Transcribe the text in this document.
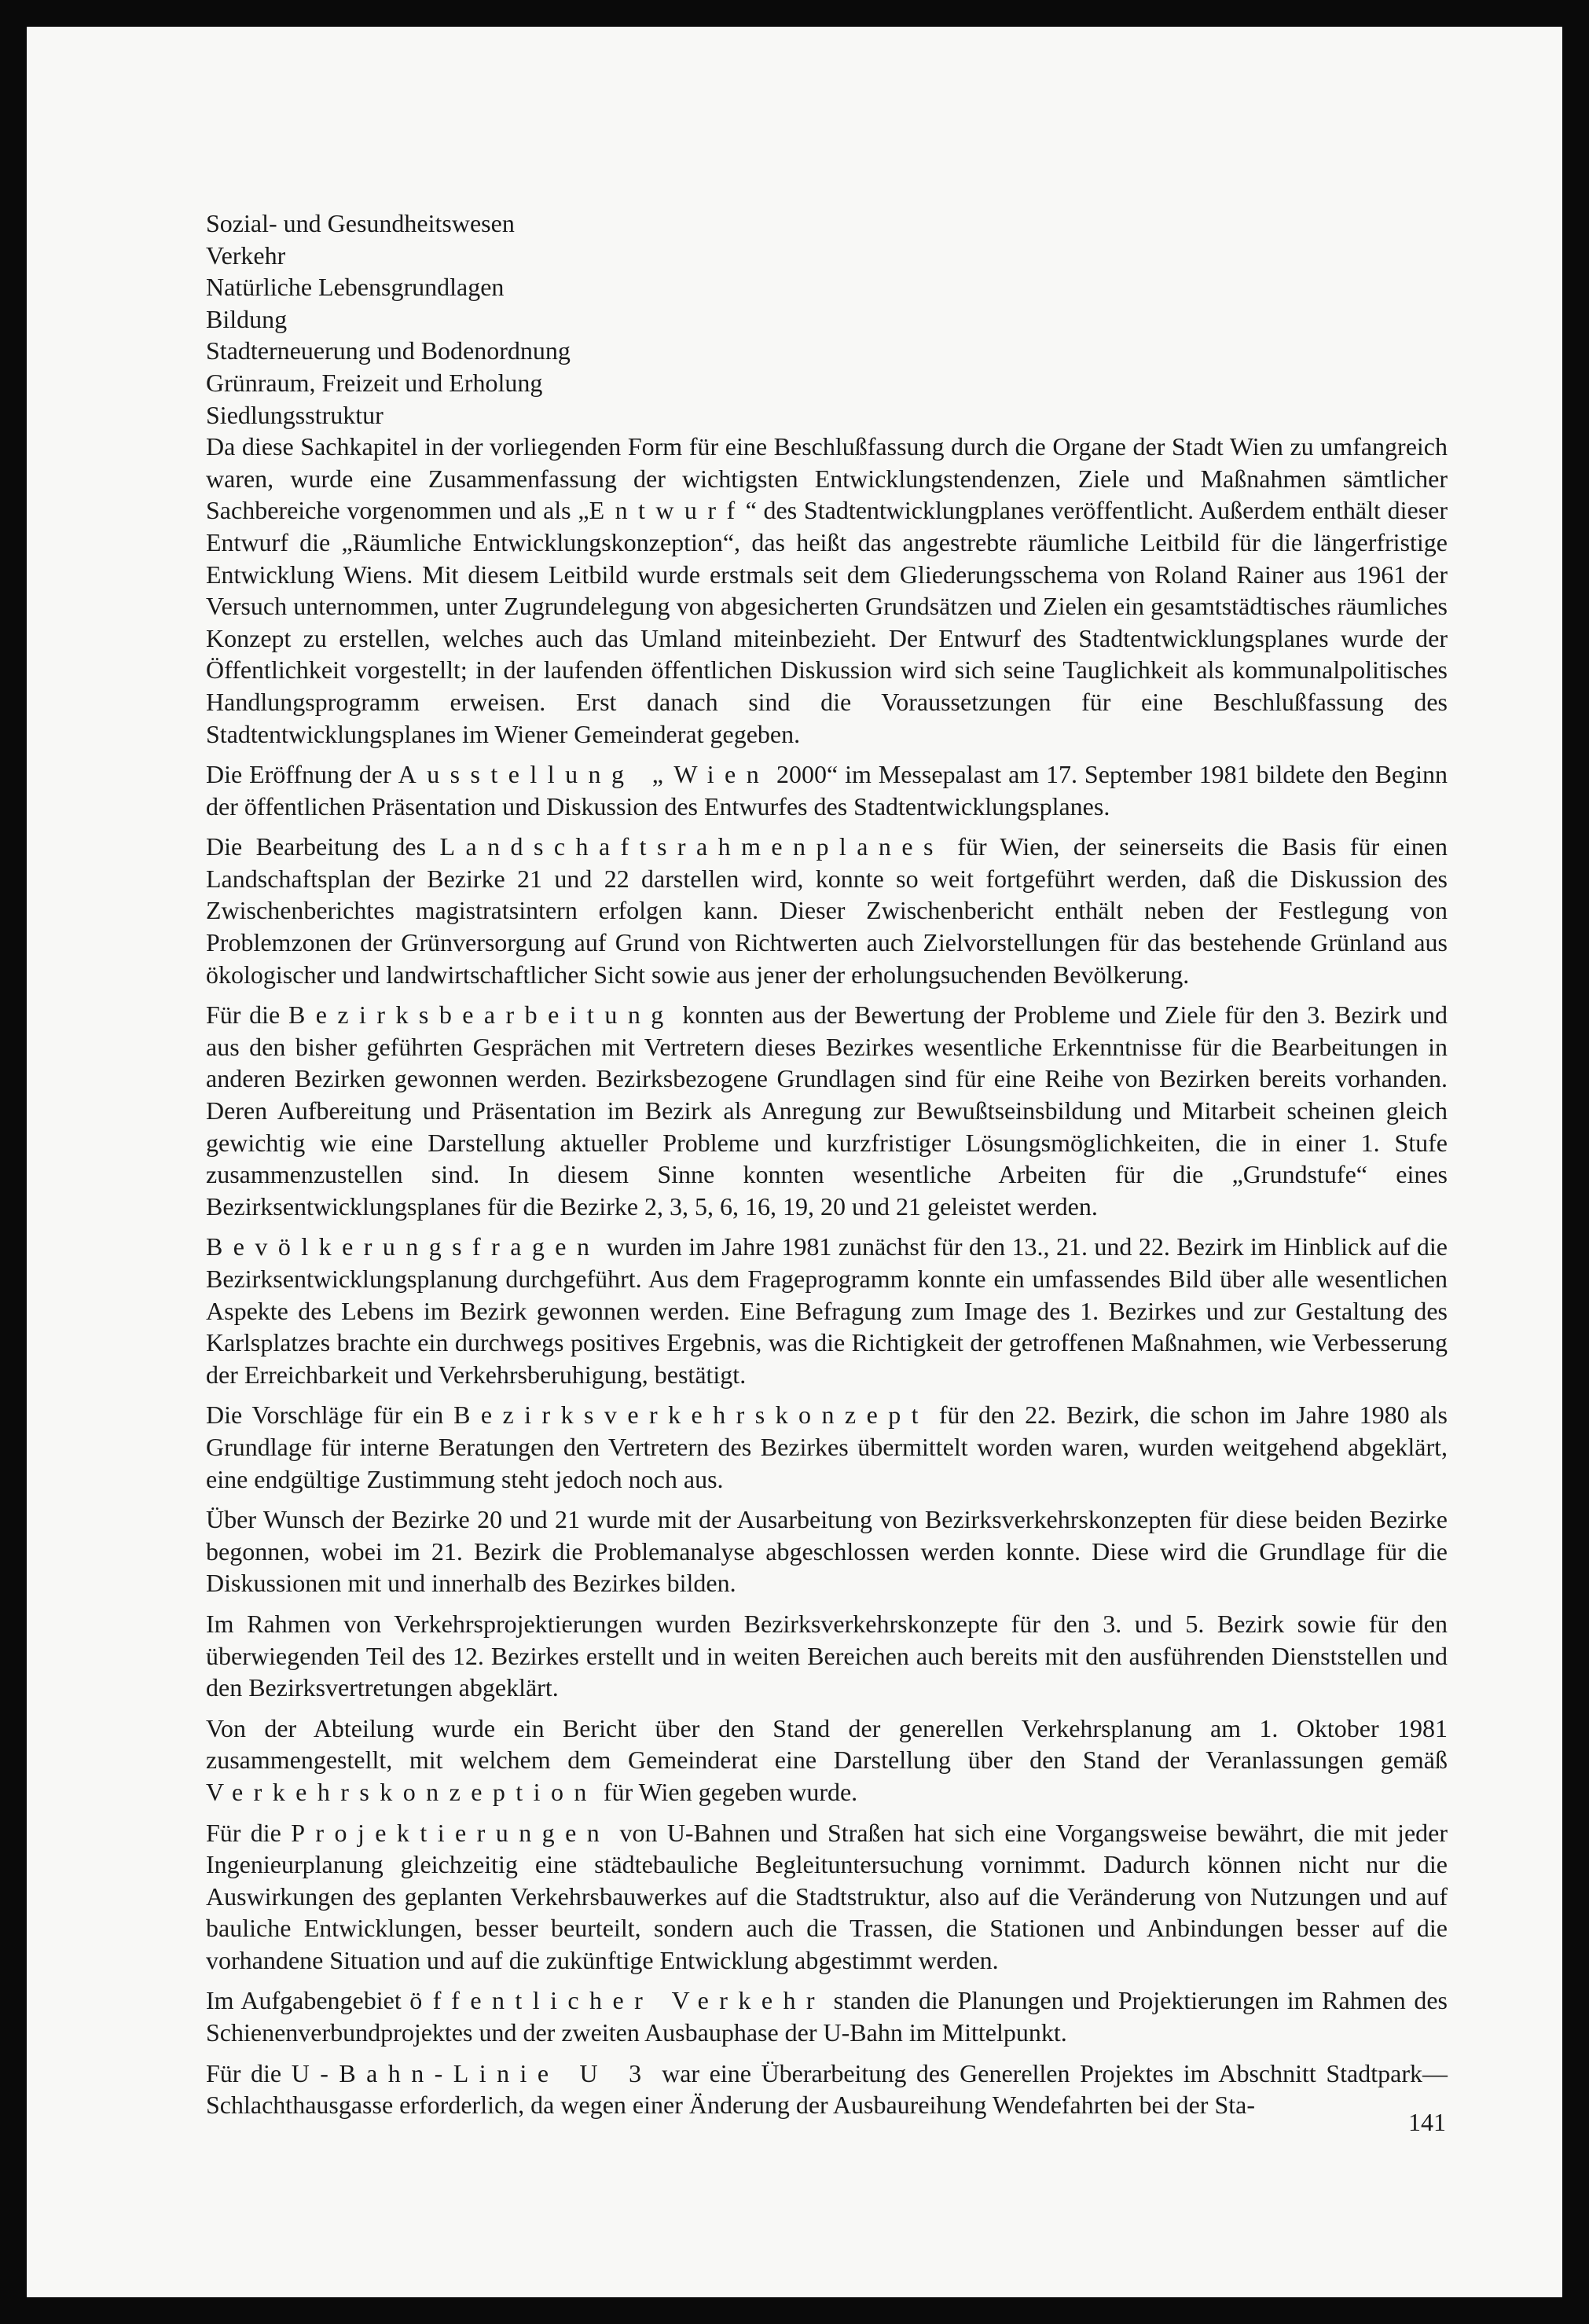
Sozial- und Gesundheitswesen
Verkehr
Natürliche Lebensgrundlagen
Bildung
Stadterneuerung und Bodenordnung
Grünraum, Freizeit und Erholung
Siedlungsstruktur

Da diese Sachkapitel in der vorliegenden Form für eine Beschlußfassung durch die Organe der Stadt Wien zu umfangreich waren, wurde eine Zusammenfassung der wichtigsten Entwicklungstendenzen, Ziele und Maßnahmen sämtlicher Sachbereiche vorgenommen und als „Entwurf“ des Stadtentwicklungplanes veröffentlicht. Außerdem enthält dieser Entwurf die „Räumliche Entwicklungskonzeption“, das heißt das angestrebte räumliche Leitbild für die längerfristige Entwicklung Wiens. Mit diesem Leitbild wurde erstmals seit dem Gliederungsschema von Roland Rainer aus 1961 der Versuch unternommen, unter Zugrundelegung von abgesicherten Grundsätzen und Zielen ein gesamtstädtisches räumliches Konzept zu erstellen, welches auch das Umland miteinbezieht. Der Entwurf des Stadtentwicklungsplanes wurde der Öffentlichkeit vorgestellt; in der laufenden öffentlichen Diskussion wird sich seine Tauglichkeit als kommunalpolitisches Handlungsprogramm erweisen. Erst danach sind die Voraussetzungen für eine Beschlußfassung des Stadtentwicklungsplanes im Wiener Gemeinderat gegeben.

Die Eröffnung der Ausstellung „Wien 2000“ im Messepalast am 17. September 1981 bildete den Beginn der öffentlichen Präsentation und Diskussion des Entwurfes des Stadtentwicklungsplanes.

Die Bearbeitung des Landschaftsrahmenplanes für Wien, der seinerseits die Basis für einen Landschaftsplan der Bezirke 21 und 22 darstellen wird, konnte so weit fortgeführt werden, daß die Diskussion des Zwischenberichtes magistratsintern erfolgen kann. Dieser Zwischenbericht enthält neben der Festlegung von Problemzonen der Grünversorgung auf Grund von Richtwerten auch Zielvorstellungen für das bestehende Grünland aus ökologischer und landwirtschaftlicher Sicht sowie aus jener der erholungsuchenden Bevölkerung.

Für die Bezirksbearbeitung konnten aus der Bewertung der Probleme und Ziele für den 3. Bezirk und aus den bisher geführten Gesprächen mit Vertretern dieses Bezirkes wesentliche Erkenntnisse für die Bearbeitungen in anderen Bezirken gewonnen werden. Bezirksbezogene Grundlagen sind für eine Reihe von Bezirken bereits vorhanden. Deren Aufbereitung und Präsentation im Bezirk als Anregung zur Bewußtseinsbildung und Mitarbeit scheinen gleich gewichtig wie eine Darstellung aktueller Probleme und kurzfristiger Lösungsmöglichkeiten, die in einer 1. Stufe zusammenzustellen sind. In diesem Sinne konnten wesentliche Arbeiten für die „Grundstufe“ eines Bezirksentwicklungsplanes für die Bezirke 2, 3, 5, 6, 16, 19, 20 und 21 geleistet werden.

Bevölkerungsfragen wurden im Jahre 1981 zunächst für den 13., 21. und 22. Bezirk im Hinblick auf die Bezirksentwicklungsplanung durchgeführt. Aus dem Frageprogramm konnte ein umfassendes Bild über alle wesentlichen Aspekte des Lebens im Bezirk gewonnen werden. Eine Befragung zum Image des 1. Bezirkes und zur Gestaltung des Karlsplatzes brachte ein durchwegs positives Ergebnis, was die Richtigkeit der getroffenen Maßnahmen, wie Verbesserung der Erreichbarkeit und Verkehrsberuhigung, bestätigt.

Die Vorschläge für ein Bezirksverkehrskonzept für den 22. Bezirk, die schon im Jahre 1980 als Grundlage für interne Beratungen den Vertretern des Bezirkes übermittelt worden waren, wurden weitgehend abgeklärt, eine endgültige Zustimmung steht jedoch noch aus.

Über Wunsch der Bezirke 20 und 21 wurde mit der Ausarbeitung von Bezirksverkehrskonzepten für diese beiden Bezirke begonnen, wobei im 21. Bezirk die Problemanalyse abgeschlossen werden konnte. Diese wird die Grundlage für die Diskussionen mit und innerhalb des Bezirkes bilden.

Im Rahmen von Verkehrsprojektierungen wurden Bezirksverkehrskonzepte für den 3. und 5. Bezirk sowie für den überwiegenden Teil des 12. Bezirkes erstellt und in weiten Bereichen auch bereits mit den ausführenden Dienststellen und den Bezirksvertretungen abgeklärt.

Von der Abteilung wurde ein Bericht über den Stand der generellen Verkehrsplanung am 1. Oktober 1981 zusammengestellt, mit welchem dem Gemeinderat eine Darstellung über den Stand der Veranlassungen gemäß Verkehrskonzeption für Wien gegeben wurde.

Für die Projektierungen von U-Bahnen und Straßen hat sich eine Vorgangsweise bewährt, die mit jeder Ingenieurplanung gleichzeitig eine städtebauliche Begleituntersuchung vornimmt. Dadurch können nicht nur die Auswirkungen des geplanten Verkehrsbauwerkes auf die Stadtstruktur, also auf die Veränderung von Nutzungen und auf bauliche Entwicklungen, besser beurteilt, sondern auch die Trassen, die Stationen und Anbindungen besser auf die vorhandene Situation und auf die zukünftige Entwicklung abgestimmt werden.

Im Aufgabengebiet öffentlicher Verkehr standen die Planungen und Projektierungen im Rahmen des Schienenverbundprojektes und der zweiten Ausbauphase der U-Bahn im Mittelpunkt.

Für die U-Bahn-Linie U 3 war eine Überarbeitung des Generellen Projektes im Abschnitt Stadtpark—Schlachthausgasse erforderlich, da wegen einer Änderung der Ausbaureihung Wendefahrten bei der Sta-

141
